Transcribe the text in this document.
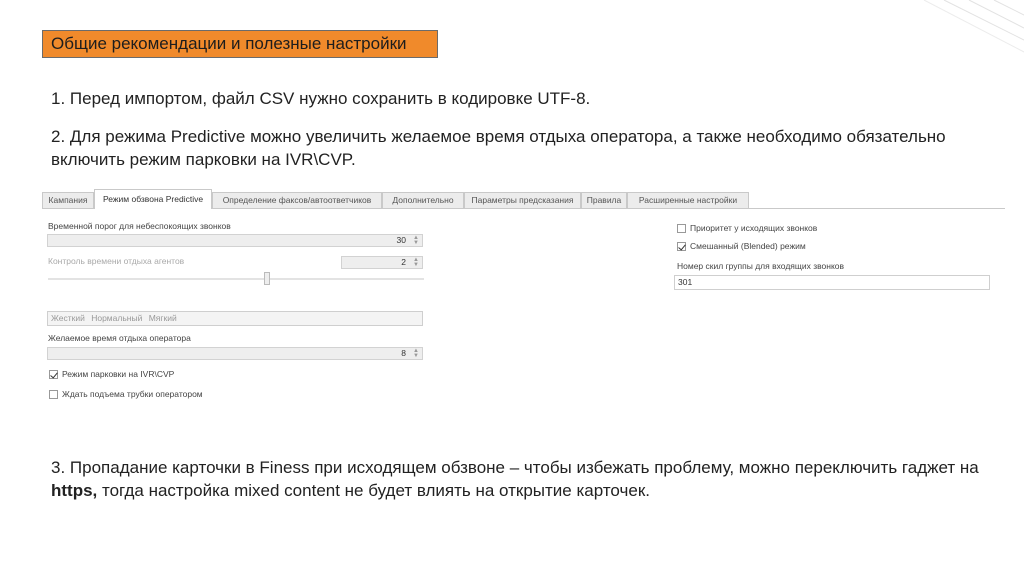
Общие рекомендации и полезные настройки
1. Перед импортом, файл CSV нужно сохранить в кодировке UTF-8.
2. Для режима Predictive можно увеличить желаемое время отдыха оператора, а также необходимо обязательно включить режим парковки на IVR\CVP.
Кампания	Режим обзвона Predictive	Определение факсов/автоответчиков	Дополнительно	Параметры предсказания	Правила	Расширенные настройки
Временной порог для небеспокоящих звонков
30 ▲
▼
Контроль времени отдыха агентов	2 ▲
▼
Жесткий Нормальный Мягкий
Желаемое время отдыха оператора
8 ▲
▼
Режим парковки на IVR\CVP
Ждать подъема трубки оператором
Приоритет у исходящих звонков
Смешанный (Blended) режим
Номер скил группы для входящих звонков
301
3. Пропадание карточки в Finess при исходящем обзвоне – чтобы избежать проблему, можно переключить гаджет на https, тогда настройка mixed content не будет влиять на открытие карточек.
